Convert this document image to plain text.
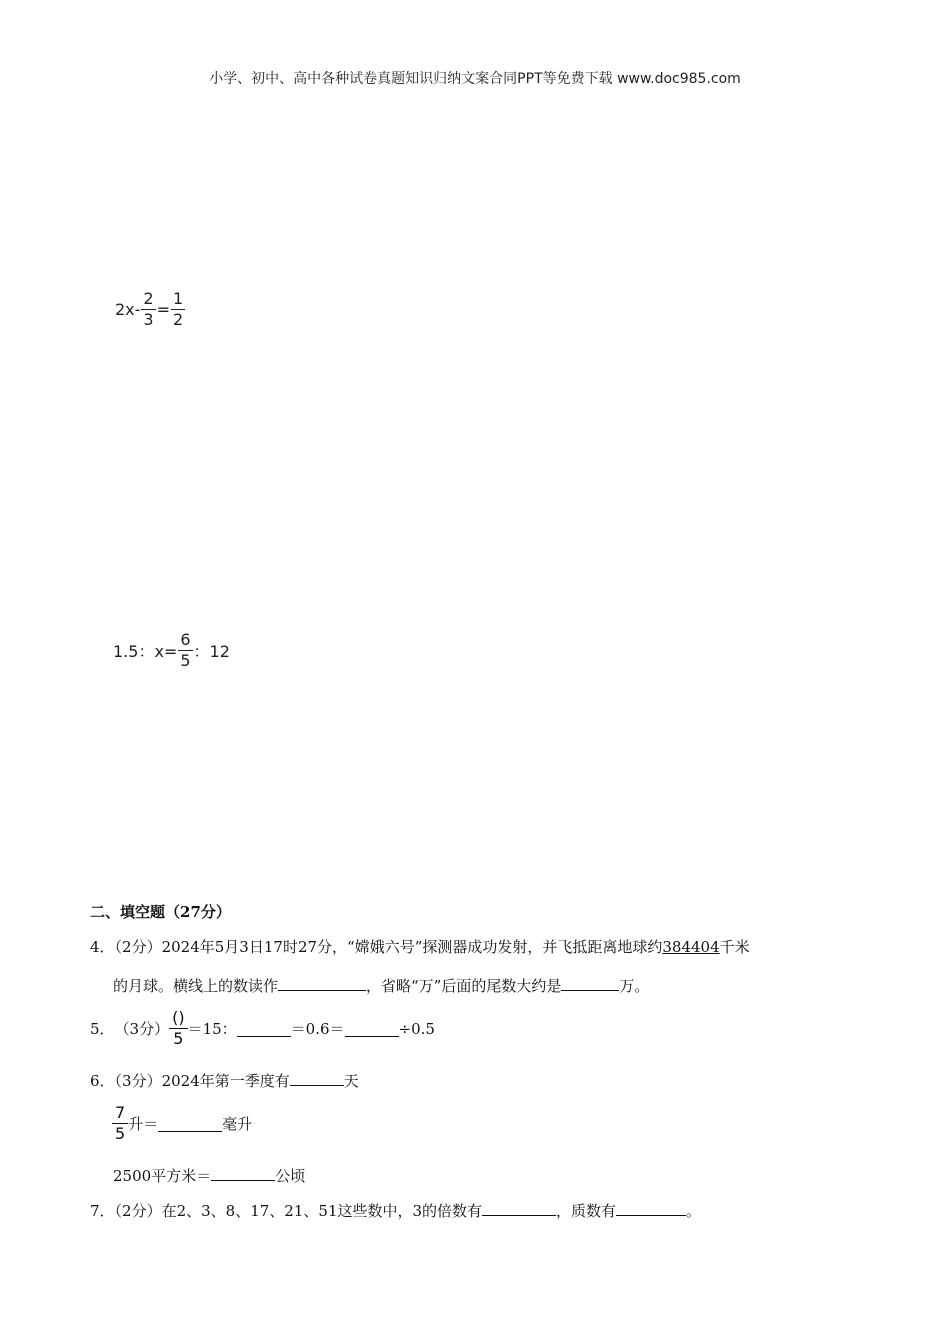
小学、初中、高中各种试卷真题知识归纳文案合同PPT等免费下载 www.doc985.com
$2x- \frac{2}{3} = \frac{1}{2}$
1.5：$x= \frac{6}{5}$ ：12
二、填空题（27分）
4．（2分）2024年5月3日17时27分，“嫦娥六号”探测器成功发射，并飞抵距离地球约384404千米
的月球。横线上的数读作	，省略“万”后面的尾数大约是	万。
5． （3分） $\frac{()}{5} =15$：	＝0.6＝	÷0.5
6．（3分）2024年第一季度有	天
$\frac{7}{5}$ 升＝	毫升
2500平方米＝	公顷
7．（2分）在2、3、8、17、21、51这些数中，3的倍数有	，质数有	。
